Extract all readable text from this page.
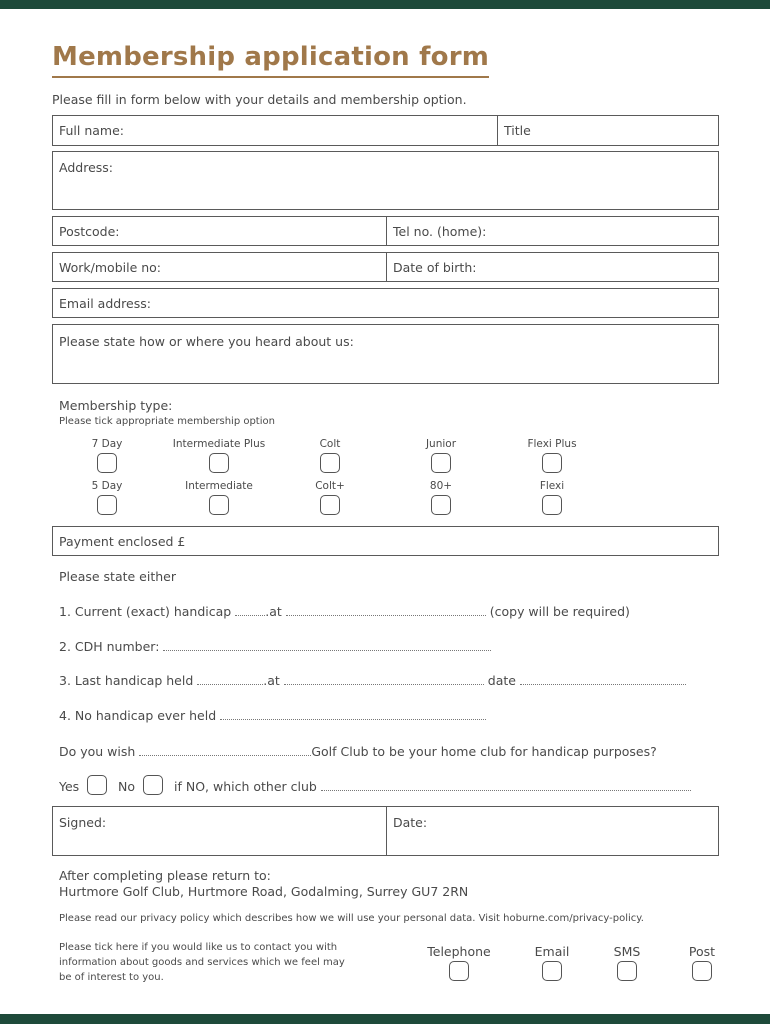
Membership application form
Please fill in form below with your details and membership option.
Full name:	Title
Address:
Postcode:	Tel no. (home):
Work/mobile no:	Date of birth:
Email address:
Please state how or where you heard about us:
Membership type:
Please tick appropriate membership option
7 Day	Intermediate Plus	Colt	Junior	Flexi Plus
5 Day	Intermediate	Colt+	80+	Flexi
Payment enclosed £
Please state either
1. Current (exact) handicap	.at	(copy will be required)
2. CDH number:
3. Last handicap held	.at	date
4. No handicap ever held
Do you wish	Golf Club to be your home club for handicap purposes?
Yes	No	if NO, which other club
Signed:	Date:
After completing please return to:
Hurtmore Golf Club, Hurtmore Road, Godalming, Surrey GU7 2RN
Please read our privacy policy which describes how we will use your personal data. Visit hoburne.com/privacy-policy.
Please tick here if you would like us to contact you with
information about goods and services which we feel may
be of interest to you.
Telephone	Email	SMS	Post
